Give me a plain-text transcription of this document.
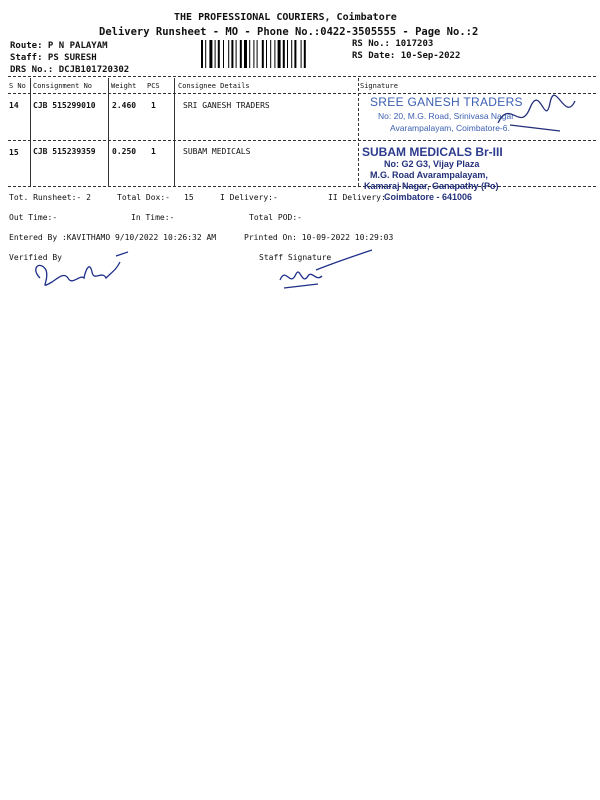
THE PROFESSIONAL COURIERS, Coimbatore
Delivery Runsheet - MO - Phone No.:0422-3505555 - Page No.:2
Route: P N PALAYAM
Staff: PS SURESH
DRS No.: DCJB101720302
RS No.: 1017203
RS Date: 10-Sep-2022
S No Consignment No	Weight PCS	Consignee Details	Signature
14 CJB 515299010 2.460 1	SRI GANESH TRADERS
15 CJB 515239359 0.250 1	SUBAM MEDICALS
SREE GANESH TRADERS
No: 20, M.G. Road, Srinivasa Nagar
Avarampalayam, Coimbatore-6.
SUBAM MEDICALS Br-III
No: G2 G3, Vijay Plaza
M.G. Road Avarampalayam,
Kamaraj Nagar, Ganapathy (Po)
Coimbatore - 641006
Tot. Runsheet:- 2	Total Dox:- 15	I Delivery:-	II Delivery:-
Out Time:-	In Time:-	Total POD:-
Entered By :KAVITHAMO 9/10/2022 10:26:32 AM	Printed On: 10-09-2022 10:29:03
Verified By	Staff Signature
